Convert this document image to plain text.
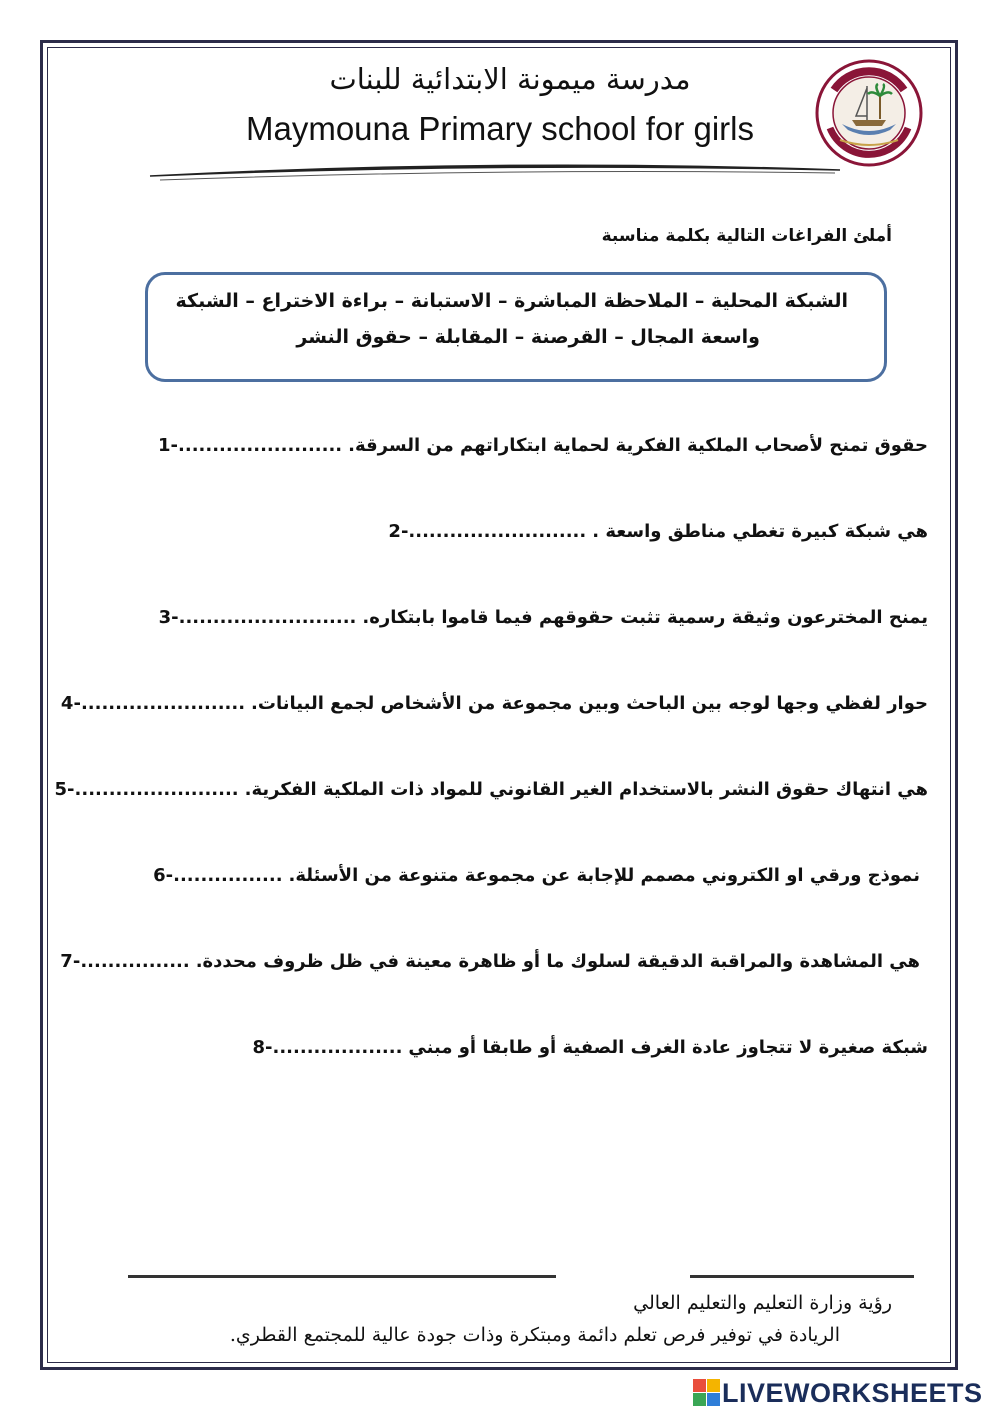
مدرسة ميمونة الابتدائية للبنات
Maymouna Primary school for girls
أملئ الفراغات التالية بكلمة مناسبة
الشبكة المحلية – الملاحظة المباشرة – الاستبانة – براءة الاختراع – الشبكة
واسعة المجال – القرصنة – المقابلة – حقوق النشر
-1 ........................ حقوق تمنح لأصحاب الملكية الفكرية لحماية ابتكاراتهم من السرقة.
-2 .......................... هي شبكة كبيرة تغطي مناطق واسعة .
-3 .......................... يمنح المخترعون وثيقة رسمية تثبت حقوقهم فيما قاموا بابتكاره.
-4 ........................ حوار لفظي وجها لوجه بين الباحث وبين مجموعة من الأشخاص لجمع البيانات.
-5 ........................ هي انتهاك حقوق النشر بالاستخدام الغير القانوني للمواد ذات الملكية الفكرية.
-6 ................ نموذج ورقي او الكتروني مصمم للإجابة عن مجموعة متنوعة من الأسئلة.
-7 ................ هي المشاهدة والمراقبة الدقيقة لسلوك ما أو ظاهرة معينة في ظل ظروف محددة.
-8 ................... شبكة صغيرة لا تتجاوز عادة الغرف الصفية أو طابقا أو مبني
رؤية وزارة التعليم والتعليم العالي
الريادة في توفير فرص تعلم دائمة ومبتكرة وذات جودة عالية للمجتمع القطري.
LIVEWORKSHEETS
